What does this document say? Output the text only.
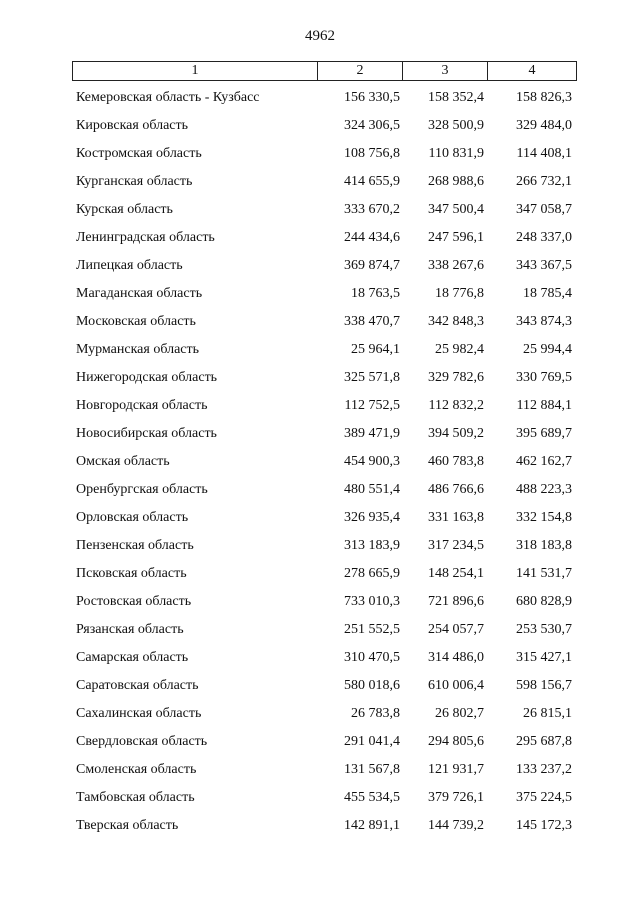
4962
1	2	3	4
Кемеровская область - Кузбасс	156 330,5	158 352,4	158 826,3
Кировская область	324 306,5	328 500,9	329 484,0
Костромская область	108 756,8	110 831,9	114 408,1
Курганская область	414 655,9	268 988,6	266 732,1
Курская область	333 670,2	347 500,4	347 058,7
Ленинградская область	244 434,6	247 596,1	248 337,0
Липецкая область	369 874,7	338 267,6	343 367,5
Магаданская область	18 763,5	18 776,8	18 785,4
Московская область	338 470,7	342 848,3	343 874,3
Мурманская область	25 964,1	25 982,4	25 994,4
Нижегородская область	325 571,8	329 782,6	330 769,5
Новгородская область	112 752,5	112 832,2	112 884,1
Новосибирская область	389 471,9	394 509,2	395 689,7
Омская область	454 900,3	460 783,8	462 162,7
Оренбургская область	480 551,4	486 766,6	488 223,3
Орловская область	326 935,4	331 163,8	332 154,8
Пензенская область	313 183,9	317 234,5	318 183,8
Псковская область	278 665,9	148 254,1	141 531,7
Ростовская область	733 010,3	721 896,6	680 828,9
Рязанская область	251 552,5	254 057,7	253 530,7
Самарская область	310 470,5	314 486,0	315 427,1
Саратовская область	580 018,6	610 006,4	598 156,7
Сахалинская область	26 783,8	26 802,7	26 815,1
Свердловская область	291 041,4	294 805,6	295 687,8
Смоленская область	131 567,8	121 931,7	133 237,2
Тамбовская область	455 534,5	379 726,1	375 224,5
Тверская область	142 891,1	144 739,2	145 172,3
